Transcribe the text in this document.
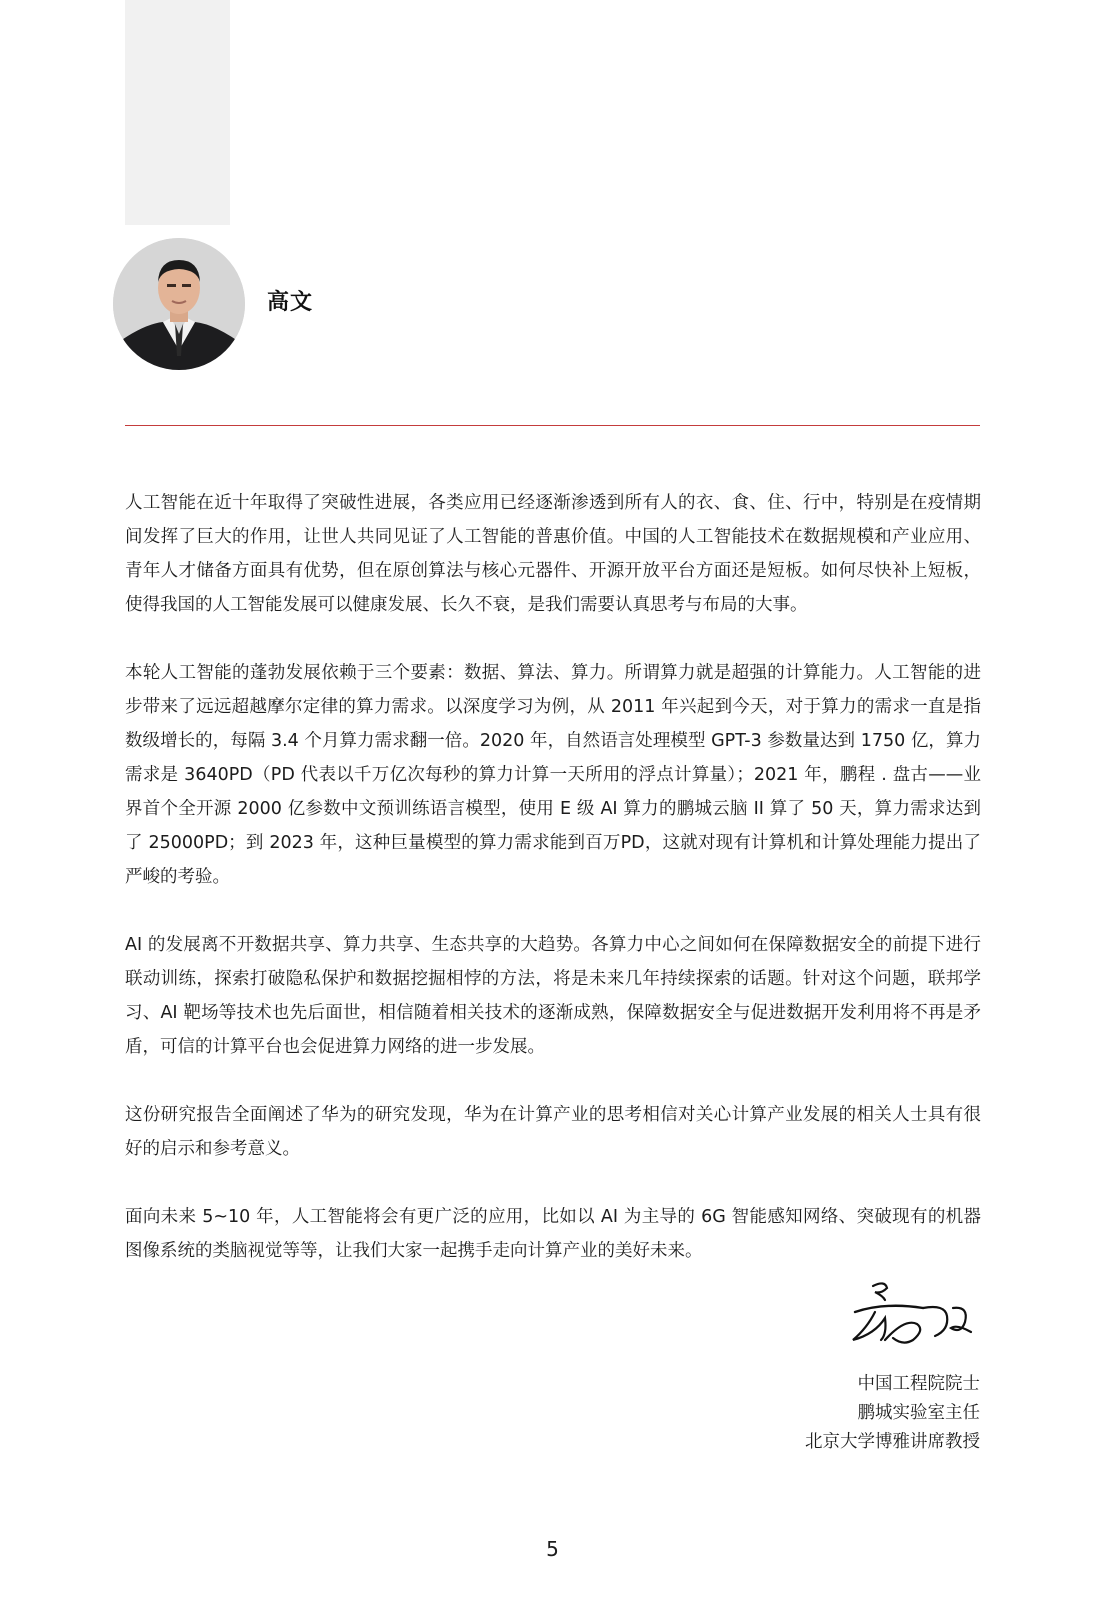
高文

人工智能在近十年取得了突破性进展，各类应用已经逐渐渗透到所有人的衣、食、住、行中，特别是在疫情期间发挥了巨大的作用，让世人共同见证了人工智能的普惠价值。中国的人工智能技术在数据规模和产业应用、青年人才储备方面具有优势，但在原创算法与核心元器件、开源开放平台方面还是短板。如何尽快补上短板，使得我国的人工智能发展可以健康发展、长久不衰，是我们需要认真思考与布局的大事。

本轮人工智能的蓬勃发展依赖于三个要素：数据、算法、算力。所谓算力就是超强的计算能力。人工智能的进步带来了远远超越摩尔定律的算力需求。以深度学习为例，从 2011 年兴起到今天，对于算力的需求一直是指数级增长的，每隔 3.4 个月算力需求翻一倍。2020 年，自然语言处理模型 GPT-3 参数量达到 1750 亿，算力需求是 3640PD（PD 代表以千万亿次每秒的算力计算一天所用的浮点计算量）；2021 年，鹏程 . 盘古——业界首个全开源 2000 亿参数中文预训练语言模型，使用 E 级 AI 算力的鹏城云脑 II 算了 50 天，算力需求达到了 25000PD；到 2023 年，这种巨量模型的算力需求能到百万PD，这就对现有计算机和计算处理能力提出了严峻的考验。

AI 的发展离不开数据共享、算力共享、生态共享的大趋势。各算力中心之间如何在保障数据安全的前提下进行联动训练，探索打破隐私保护和数据挖掘相悖的方法，将是未来几年持续探索的话题。针对这个问题，联邦学习、AI 靶场等技术也先后面世，相信随着相关技术的逐渐成熟，保障数据安全与促进数据开发利用将不再是矛盾，可信的计算平台也会促进算力网络的进一步发展。

这份研究报告全面阐述了华为的研究发现，华为在计算产业的思考相信对关心计算产业发展的相关人士具有很好的启示和参考意义。

面向未来 5~10 年，人工智能将会有更广泛的应用，比如以 AI 为主导的 6G 智能感知网络、突破现有的机器图像系统的类脑视觉等等，让我们大家一起携手走向计算产业的美好未来。

中国工程院院士
鹏城实验室主任
北京大学博雅讲席教授
5
